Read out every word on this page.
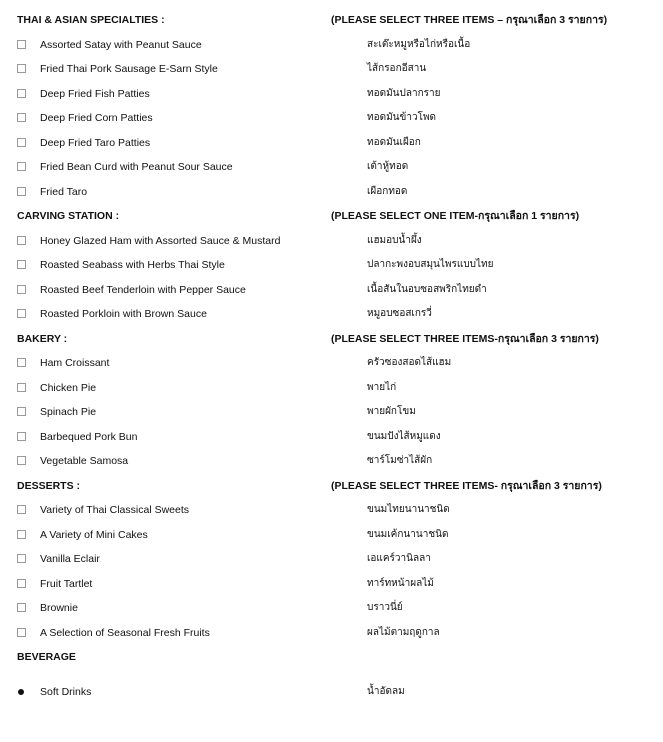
THAI & ASIAN SPECIALTIES :	(PLEASE SELECT THREE ITEMS – กรุณาเลือก 3 รายการ)
Assorted Satay with Peanut Sauce	สะเต๊ะหมูหรือไก่หรือเนื้อ
Fried Thai Pork Sausage E-Sarn Style	ไส้กรอกอีสาน
Deep Fried Fish Patties	ทอดมันปลากราย
Deep Fried Corn Patties	ทอดมันข้าวโพด
Deep Fried Taro Patties	ทอดมันเผือก
Fried Bean Curd with Peanut Sour Sauce	เต้าหู้ทอด
Fried Taro	เผือกทอด
CARVING STATION :	(PLEASE SELECT ONE ITEM-กรุณาเลือก 1 รายการ)
Honey Glazed Ham with Assorted Sauce & Mustard	แฮมอบน้ำผึ้ง
Roasted Seabass with Herbs Thai Style	ปลากะพงอบสมุนไพรแบบไทย
Roasted Beef Tenderloin with Pepper Sauce	เนื้อสันในอบซอสพริกไทยดำ
Roasted Porkloin with Brown Sauce	หมูอบซอสเกรวี่
BAKERY :	(PLEASE SELECT THREE ITEMS-กรุณาเลือก 3 รายการ)
Ham Croissant	ครัวซองสอดไส้แฮม
Chicken Pie	พายไก่
Spinach Pie	พายผักโขม
Barbequed Pork Bun	ขนมปังไส้หมูแดง
Vegetable Samosa	ซาร์โมซ่าไส้ผัก
DESSERTS :	(PLEASE SELECT THREE ITEMS- กรุณาเลือก 3 รายการ)
Variety of Thai Classical Sweets	ขนมไทยนานาชนิด
A Variety of Mini Cakes	ขนมเค้กนานาชนิด
Vanilla Eclair	เอแคร์วานิลลา
Fruit Tartlet	ทาร์ทหน้าผลไม้
Brownie	บราวนี่ย์
A Selection of Seasonal Fresh Fruits	ผลไม้ตามฤดูกาล
BEVERAGE
Soft Drinks	น้ำอัดลม
